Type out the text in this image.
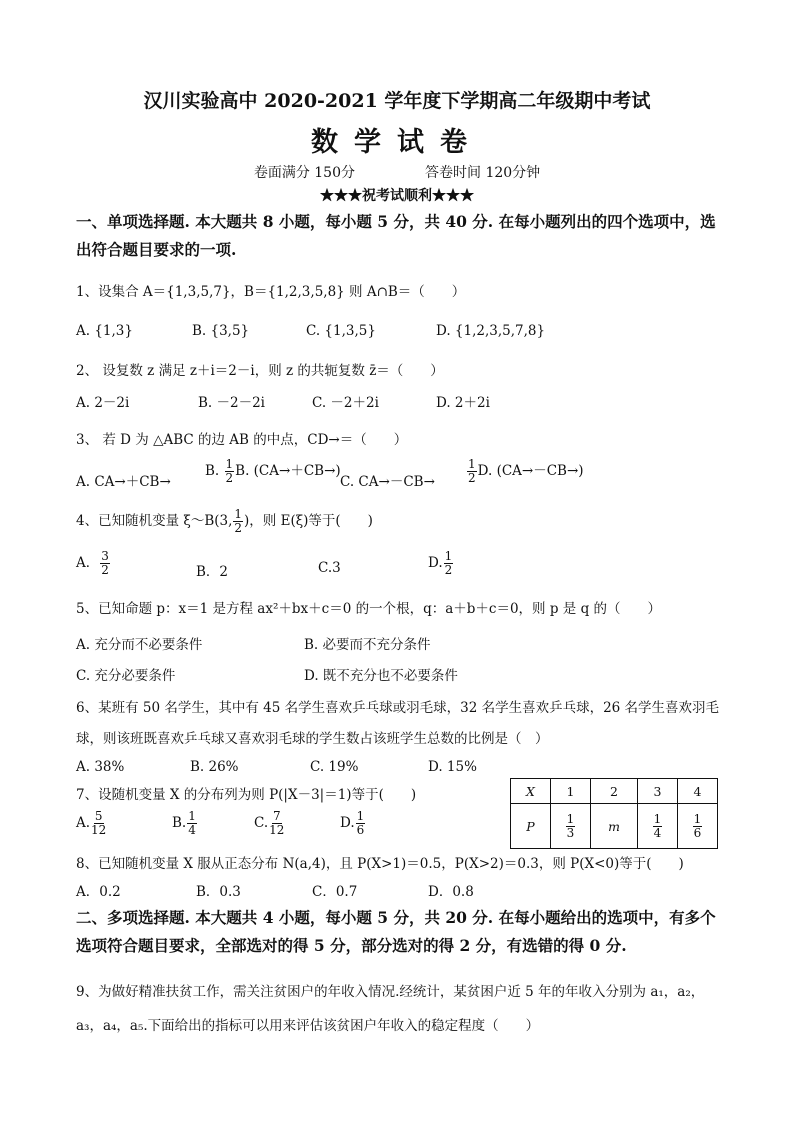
汉川实验高中 2020-2021 学年度下学期高二年级期中考试
数学试卷
卷面满分 150分	答卷时间 120分钟
★★★祝考试顺利★★★
一、单项选择题. 本大题共 8 小题，每小题 5 分，共 40 分. 在每小题列出的四个选项中，选出符合题目要求的一项.
1、设集合 A＝{1,3,5,7}，B＝{1,2,3,5,8} 则 A∩B＝（　　）
A. {1,3}	B. {3,5}	C. {1,3,5}	D. {1,2,3,5,7,8}
2、 设复数 z 满足 z＋i＝2－i，则 z 的共轭复数 z̄＝（　　）
A. 2－2i	B. －2－2i	C. －2＋2i	D. 2＋2i
3、 若 D 为 △ABC 的边 AB 的中点，CD→＝（　　）
A. CA→＋CB→
B. $\frac{1}{2} B$. (CA→＋CB→)
C. CA→－CB→	$\frac{1}{2} D$. (CA→－CB→)
4、已知随机变量 ξ～B(3, $\frac{1}{2}$ )，则 E(ξ)等于(　　)
A． $\frac{3}{2}$	B．2	C.3	D. $\frac{1}{2}$
5、已知命题 p：x＝1 是方程 ax²＋bx＋c＝0 的一个根，q：a＋b＋c＝0，则 p 是 q 的（　　）
A. 充分而不必要条件	B. 必要而不充分条件
C. 充分必要条件	D. 既不充分也不必要条件
6、某班有 50 名学生，其中有 45 名学生喜欢乒乓球或羽毛球，32 名学生喜欢乒乓球，26 名学生喜欢羽毛
球，则该班既喜欢乒乓球又喜欢羽毛球的学生数占该班学生总数的比例是（　）
A. 38%	B. 26%	C. 19%	D. 15%
7、设随机变量 X 的分布列为则 P(|X－3|＝1)等于(　　)
A. $\frac{5}{12}$	B. $\frac{1}{4}$	C. $\frac{7}{12}$	D. $\frac{1}{6}$
X	1	2	3	4
P	$\frac{1}{3}$	m	$\frac{1}{4}$	$\frac{1}{6}$
8、已知随机变量 X 服从正态分布 N(a,4)，且 P(X>1)＝0.5，P(X>2)＝0.3，则 P(X<0)等于(　　)
A．0.2	B．0.3	C．0.7	D．0.8
二、多项选择题. 本大题共 4 小题，每小题 5 分，共 20 分. 在每小题给出的选项中，有多个选项符合题目要求，全部选对的得 5 分，部分选对的得 2 分，有选错的得 0 分.
9、为做好精准扶贫工作，需关注贫困户的年收入情况.经统计，某贫困户近 5 年的年收入分别为 a₁，a₂，a₃，a₄，a₅.下面给出的指标可以用来评估该贫困户年收入的稳定程度（　　）
